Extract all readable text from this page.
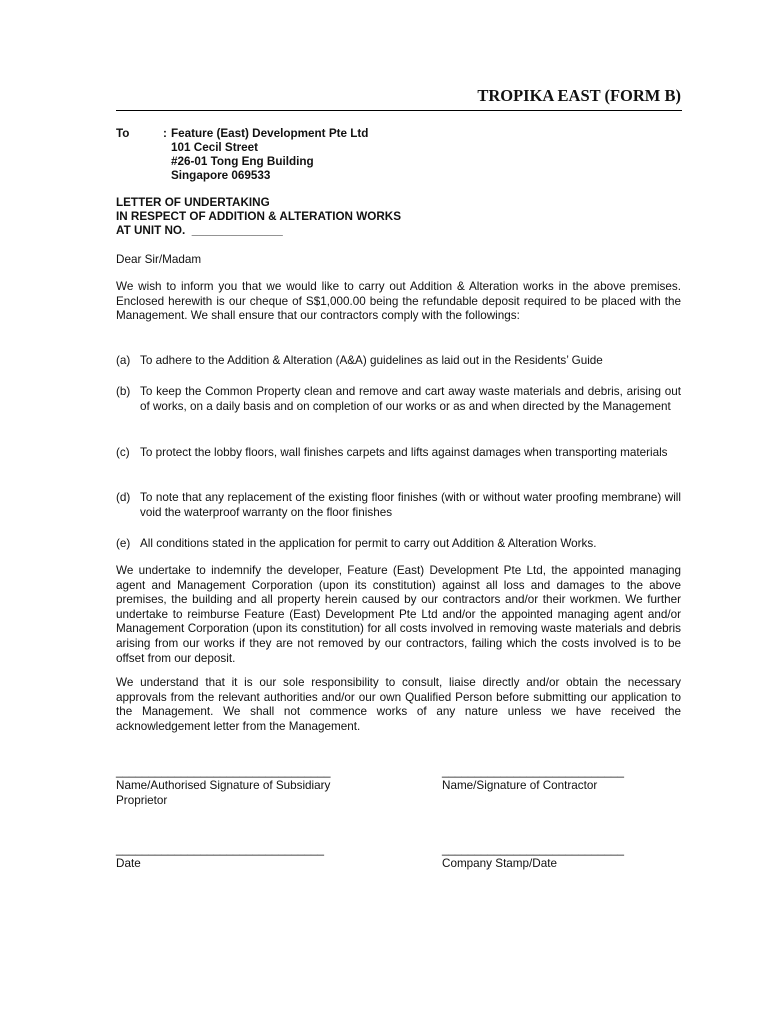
TROPIKA EAST (FORM B)
To	: Feature (East) Development Pte Ltd
101 Cecil Street
#26-01 Tong Eng Building
Singapore 069533
LETTER OF UNDERTAKING
IN RESPECT OF ADDITION & ALTERATION WORKS
AT UNIT NO.  ______________
Dear Sir/Madam

We wish to inform you that we would like to carry out Addition & Alteration works in the above premises. Enclosed herewith is our cheque of S$1,000.00 being the refundable deposit required to be placed with the Management. We shall ensure that our contractors comply with the followings:

(a) To adhere to the Addition & Alteration (A&A) guidelines as laid out in the Residents’ Guide

(b) To keep the Common Property clean and remove and cart away waste materials and debris, arising out of works, on a daily basis and on completion of our works or as and when directed by the Management

(c) To protect the lobby floors, wall finishes carpets and lifts against damages when transporting materials

(d) To note that any replacement of the existing floor finishes (with or without water proofing membrane) will void the waterproof warranty on the floor finishes

(e) All conditions stated in the application for permit to carry out Addition & Alteration Works.

We undertake to indemnify the developer, Feature (East) Development Pte Ltd, the appointed managing agent and Management Corporation (upon its constitution) against all loss and damages to the above premises, the building and all property herein caused by our contractors and/or their workmen. We further undertake to reimburse Feature (East) Development Pte Ltd and/or the appointed managing agent and/or Management Corporation (upon its constitution) for all costs involved in removing waste materials and debris arising from our works if they are not removed by our contractors, failing which the costs involved is to be offset from our deposit.

We understand that it is our sole responsibility to consult, liaise directly and/or obtain the necessary approvals from the relevant authorities and/or our own Qualified Person before submitting our application to the Management. We shall not commence works of any nature unless we have received the acknowledgement letter from the Management.

_________________________________
Name/Authorised Signature of Subsidiary
Proprietor
____________________________
Name/Signature of Contractor
________________________________
Date
____________________________
Company Stamp/Date
